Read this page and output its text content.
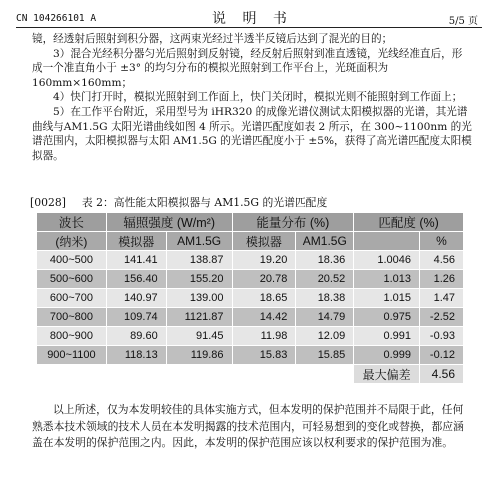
CN 104266101 A	说 明 书	5/5 页

镜，经透射后照射到积分器，这两束光经过半透半反镜后达到了混光的目的；

3）混合光经积分器匀光后照射到反射镜，经反射后照射到准直透镜，光线经准直后，形成一个准直角小于 ±3° 的均匀分布的模拟光照射到工作平台上，光斑面积为160mm×160mm；

4）快门打开时，模拟光照射到工作面上，快门关闭时，模拟光则不能照射到工作面上；

5）在工作平台附近，采用型号为 iHR320 的成像光谱仪测试太阳模拟器的光谱，其光谱曲线与AM1.5G 太阳光谱曲线如图 4 所示。光谱匹配度如表 2 所示，在 300~1100nm 的光谱范围内，太阳模拟器与太阳 AM1.5G 的光谱匹配度小于 ±5%，获得了高光谱匹配度太阳模拟器。

[0028] 表 2：高性能太阳模拟器与 AM1.5G 的光谱匹配度
波长	辐照强度 (W/m²)		能量分布 (%)		匹配度 (%)	
(纳米)	模拟器	AM1.5G	模拟器	AM1.5G		%
400~500	141.41	138.87	19.20	18.36	1.0046	4.56
500~600	156.40	155.20	20.78	20.52	1.013	1.26
600~700	140.97	139.00	18.65	18.38	1.015	1.47
700~800	109.74	1121.87	14.42	14.79	0.975	-2.52
800~900	89.60	91.45	11.98	12.09	0.991	-0.93
900~1100	118.13	119.86	15.83	15.85	0.999	-0.12
					最大偏差	4.56

以上所述，仅为本发明较佳的具体实施方式，但本发明的保护范围并不局限于此，任何熟悉本技术领域的技术人员在本发明揭露的技术范围内，可轻易想到的变化或替换，都应涵盖在本发明的保护范围之内。因此，本发明的保护范围应该以权利要求的保护范围为准。
